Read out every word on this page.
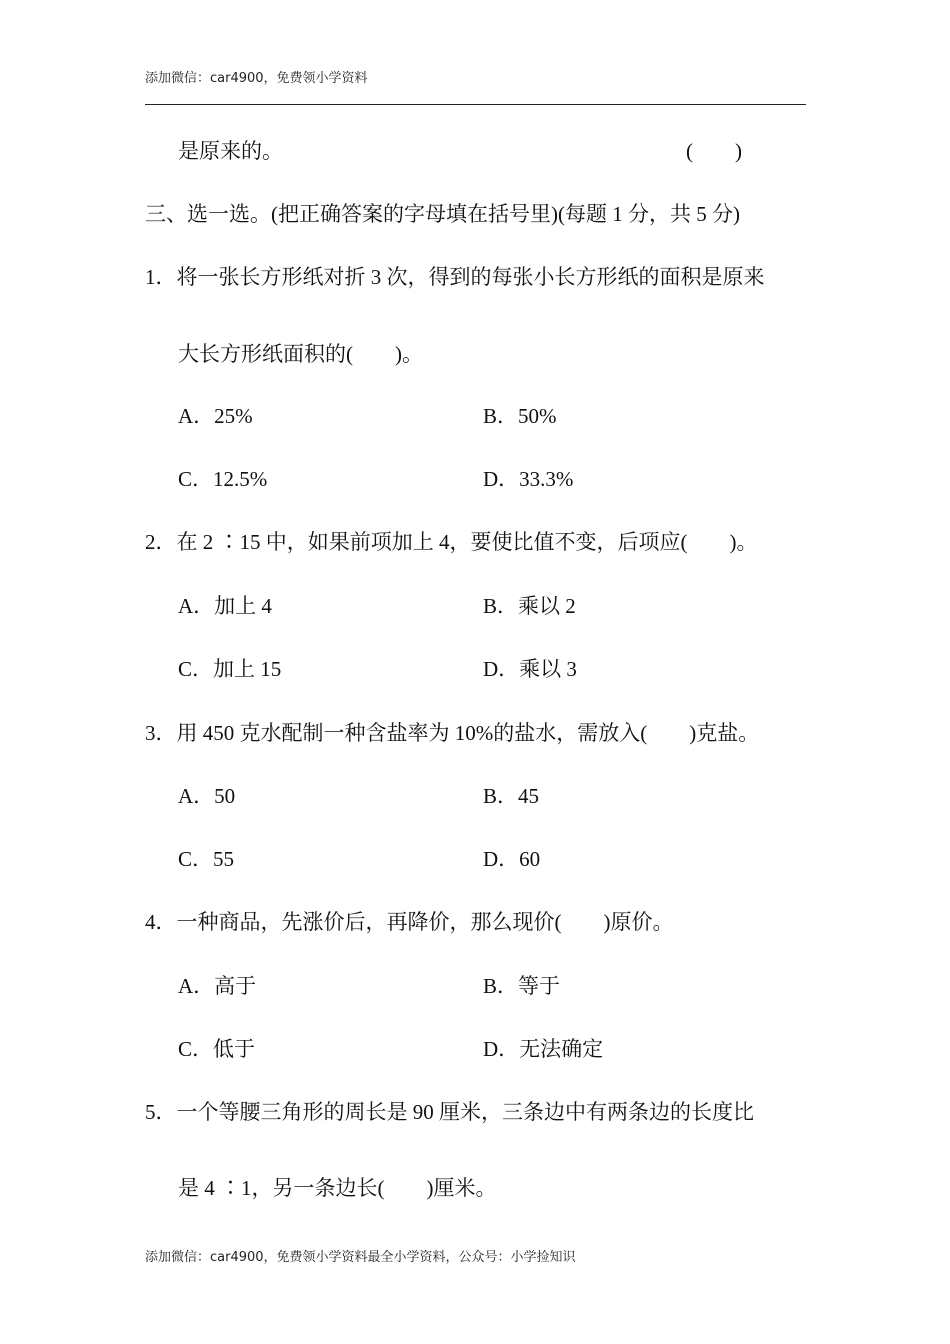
添加微信：car4900，免费领小学资料
是原来的。	(　　)
三、选一选。(把正确答案的字母填在括号里)(每题 1 分，共 5 分)
1．将一张长方形纸对折 3 次，得到的每张小长方形纸的面积是原来
大长方形纸面积的(　　)。
A．25%	B．50%
C．12.5%	D．33.3%
2．在 2 ∶15 中，如果前项加上 4，要使比值不变，后项应(　　)。
A．加上 4	B．乘以 2
C．加上 15	D．乘以 3
3．用 450 克水配制一种含盐率为 10%的盐水，需放入(　　)克盐。
A．50	B．45
C．55	D．60
4．一种商品，先涨价后，再降价，那么现价(　　)原价。
A．高于	B．等于
C．低于	D．无法确定
5．一个等腰三角形的周长是 90 厘米，三条边中有两条边的长度比
是 4 ∶1，另一条边长(　　)厘米。
添加微信：car4900，免费领小学资料最全小学资料，公众号：小学捡知识
